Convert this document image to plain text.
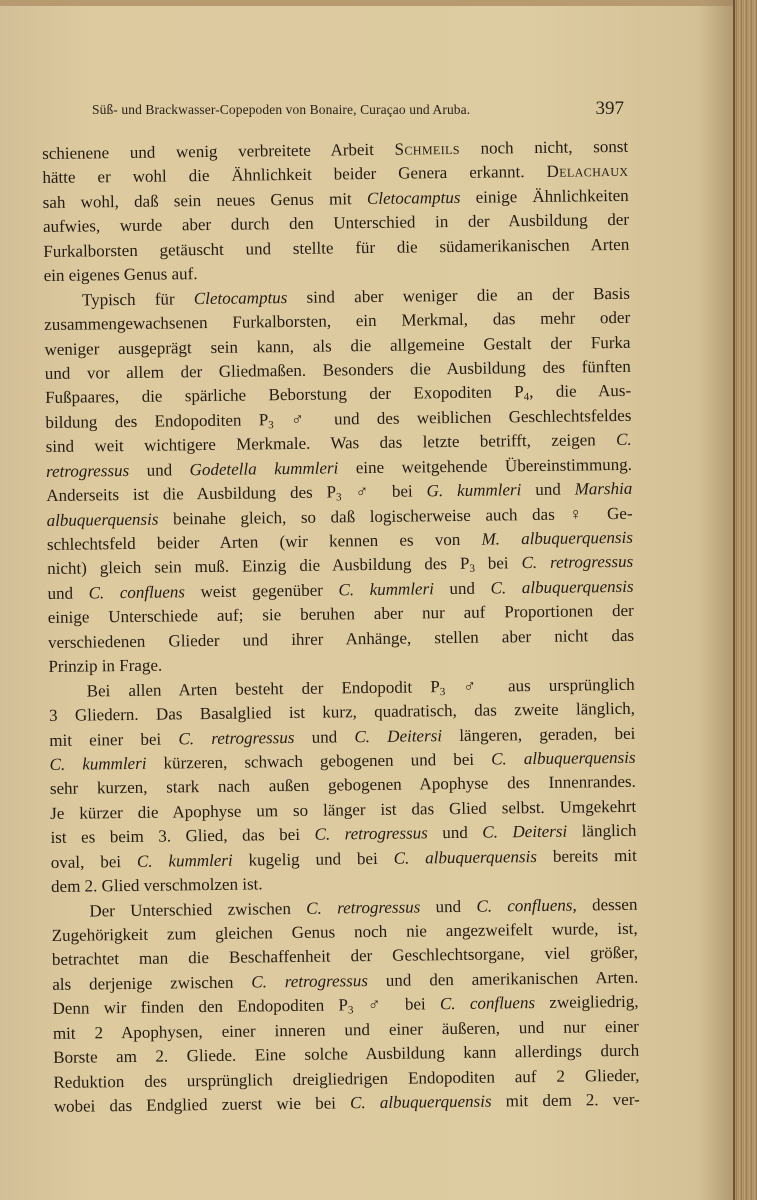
Süß- und Brackwasser-Copepoden von Bonaire, Curaçao und Aruba.	397
schienene und wenig verbreitete Arbeit Schmeils noch nicht, sonst
hätte er wohl die Ähnlichkeit beider Genera erkannt. Delachaux
sah wohl, daß sein neues Genus mit Cletocamptus einige Ähnlichkeiten
aufwies, wurde aber durch den Unterschied in der Ausbildung der
Furkalborsten getäuscht und stellte für die südamerikanischen Arten
ein eigenes Genus auf.
Typisch für Cletocamptus sind aber weniger die an der Basis
zusammengewachsenen Furkalborsten, ein Merkmal, das mehr oder
weniger ausgeprägt sein kann, als die allgemeine Gestalt der Furka
und vor allem der Gliedmaßen. Besonders die Ausbildung des fünften
Fußpaares, die spärliche Beborstung der Exopoditen $P_4$, die Aus-
bildung des Endopoditen $P_3$ ♂ und des weiblichen Geschlechtsfeldes
sind weit wichtigere Merkmale. Was das letzte betrifft, zeigen C.
retrogressus und Godetella kummleri eine weitgehende Übereinstimmung.
Anderseits ist die Ausbildung des $P_3$ ♂ bei G. kummleri und Marshia
albuquerquensis beinahe gleich, so daß logischerweise auch das ♀ Ge-
schlechtsfeld beider Arten (wir kennen es von M. albuquerquensis
nicht) gleich sein muß. Einzig die Ausbildung des $P_3$ bei C. retrogressus
und C. confluens weist gegenüber C. kummleri und C. albuquerquensis
einige Unterschiede auf; sie beruhen aber nur auf Proportionen der
verschiedenen Glieder und ihrer Anhänge, stellen aber nicht das
Prinzip in Frage.
Bei allen Arten besteht der Endopodit $P_3$ ♂ aus ursprünglich
3 Gliedern. Das Basalglied ist kurz, quadratisch, das zweite länglich,
mit einer bei C. retrogressus und C. Deitersi längeren, geraden, bei
C. kummleri kürzeren, schwach gebogenen und bei C. albuquerquensis
sehr kurzen, stark nach außen gebogenen Apophyse des Innenrandes.
Je kürzer die Apophyse um so länger ist das Glied selbst. Umgekehrt
ist es beim 3. Glied, das bei C. retrogressus und C. Deitersi länglich
oval, bei C. kummleri kugelig und bei C. albuquerquensis bereits mit
dem 2. Glied verschmolzen ist.
Der Unterschied zwischen C. retrogressus und C. confluens, dessen
Zugehörigkeit zum gleichen Genus noch nie angezweifelt wurde, ist,
betrachtet man die Beschaffenheit der Geschlechtsorgane, viel größer,
als derjenige zwischen C. retrogressus und den amerikanischen Arten.
Denn wir finden den Endopoditen $P_3$ ♂ bei C. confluens zweigliedrig,
mit 2 Apophysen, einer inneren und einer äußeren, und nur einer
Borste am 2. Gliede. Eine solche Ausbildung kann allerdings durch
Reduktion des ursprünglich dreigliedrigen Endopoditen auf 2 Glieder,
wobei das Endglied zuerst wie bei C. albuquerquensis mit dem 2. ver-
